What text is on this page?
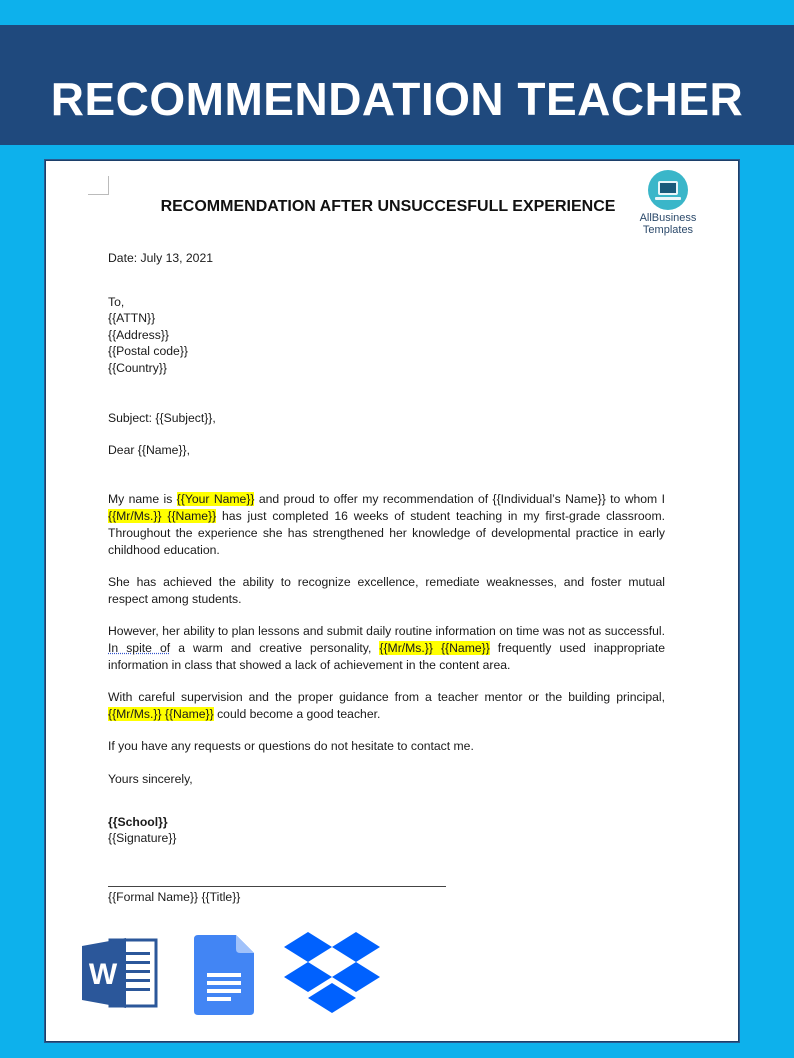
RECOMMENDATION TEACHER
AllBusiness
Templates
RECOMMENDATION AFTER UNSUCCESFULL EXPERIENCE
Date: July 13, 2021
To,
{{ATTN}}
{{Address}}
{{Postal code}}
{{Country}}
Subject: {{Subject}},
Dear {{Name}},
My name is {{Your Name}} and proud to offer my recommendation of {{Individual’s Name}} to whom I {{Mr/Ms.}} {{Name}} has just completed 16 weeks of student teaching in my first-grade classroom. Throughout the experience she has strengthened her knowledge of developmental practice in early childhood education.
She has achieved the ability to recognize excellence, remediate weaknesses, and foster mutual respect among students.
However, her ability to plan lessons and submit daily routine information on time was not as successful. In spite of a warm and creative personality, {{Mr/Ms.}} {{Name}} frequently used inappropriate information in class that showed a lack of achievement in the content area.
With careful supervision and the proper guidance from a teacher mentor or the building principal, {{Mr/Ms.}} {{Name}} could become a good teacher.
If you have any requests or questions do not hesitate to contact me.
Yours sincerely,
{{School}}
{{Signature}}
{{Formal Name}} {{Title}}
W
